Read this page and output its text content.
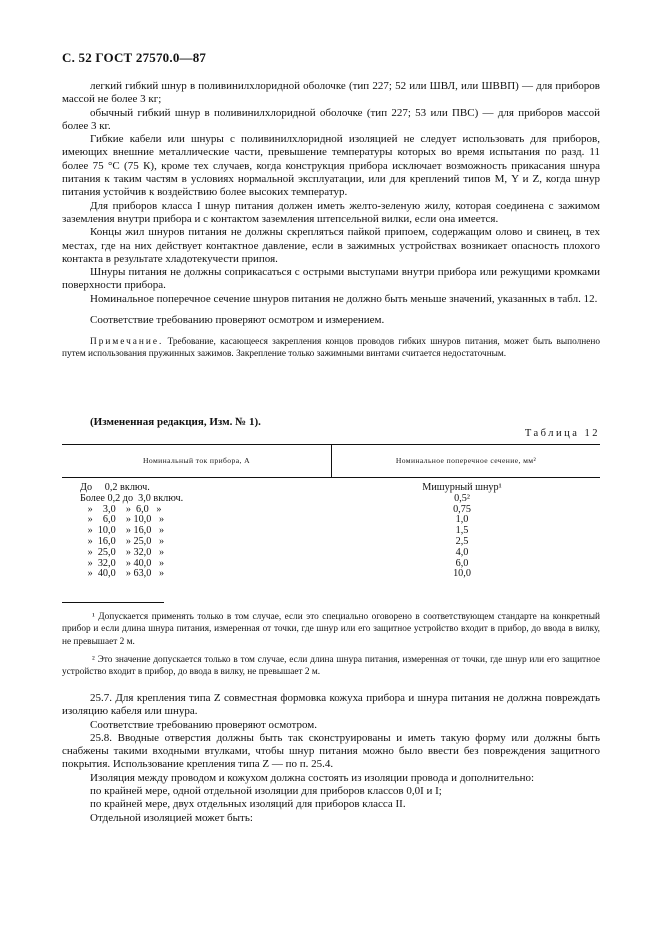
С. 52 ГОСТ 27570.0—87

легкий гибкий шнур в поливинилхлоридной оболочке (тип 227; 52 или ШВЛ, или ШВВП) — для приборов массой не более 3 кг;

обычный гибкий шнур в поливинилхлоридной оболочке (тип 227; 53 или ПВС) — для приборов массой более 3 кг.

Гибкие кабели или шнуры с поливинилхлоридной изоляцией не следует использовать для приборов, имеющих внешние металлические части, превышение температуры которых во время испытания по разд. 11 более 75 °С (75 К), кроме тех случаев, когда конструкция прибора исключает возможность прикасания шнура питания к таким частям в условиях нормальной эксплуатации, или для креплений типов М, Y и Z, когда шнур питания устойчив к воздействию более высоких температур.

Для приборов класса I шнур питания должен иметь желто-зеленую жилу, которая соединена с зажимом заземления внутри прибора и с контактом заземления штепсельной вилки, если она имеется.

Концы жил шнуров питания не должны скрепляться пайкой припоем, содержащим олово и свинец, в тех местах, где на них действует контактное давление, если в зажимных устройствах возникает опасность плохого контакта в результате хладотекучести припоя.

Шнуры питания не должны соприкасаться с острыми выступами внутри прибора или режущими кромками поверхности прибора.

Номинальное поперечное сечение шнуров питания не должно быть меньше значений, указанных в табл. 12.

Соответствие требованию проверяют осмотром и измерением.

Примечание. Требование, касающееся закрепления концов проводов гибких шнуров питания, может быть выполнено путем использования пружинных зажимов. Закрепление только зажимными винтами считается недостаточным.
(Измененная редакция, Изм. № 1).
Таблица 12
Номинальный ток прибора, А	Номинальное поперечное сечение, мм²
До     0,2 включ.	Мишурный шнур¹
Более 0,2 до  3,0 включ.	0,5²
»    3,0    »  6,0   »	0,75
»    6,0    » 10,0   »	1,0
»  10,0    » 16,0   »	1,5
»  16,0    » 25,0   »	2,5
»  25,0    » 32,0   »	4,0
»  32,0    » 40,0   »	6,0
»  40,0    » 63,0   »	10,0

¹ Допускается применять только в том случае, если это специально оговорено в соответствующем стандарте на конкретный прибор и если длина шнура питания, измеренная от точки, где шнур или его защитное устройство входит в прибор, до ввода в вилку, не превышает 2 м.

² Это значение допускается только в том случае, если длина шнура питания, измеренная от точки, где шнур или его защитное устройство входит в прибор, до ввода в вилку, не превышает 2 м.

25.7. Для крепления типа Z совместная формовка кожуха прибора и шнура питания не должна повреждать изоляцию кабеля или шнура.

Соответствие требованию проверяют осмотром.

25.8. Вводные отверстия должны быть так сконструированы и иметь такую форму или должны быть снабжены такими входными втулками, чтобы шнур питания можно было ввести без повреждения защитного покрытия. Использование крепления типа Z — по п. 25.4.

Изоляция между проводом и кожухом должна состоять из изоляции провода и дополнительно:

по крайней мере, одной отдельной изоляции для приборов классов 0,0I и I;

по крайней мере, двух отдельных изоляций для приборов класса II.

Отдельной изоляцией может быть:
